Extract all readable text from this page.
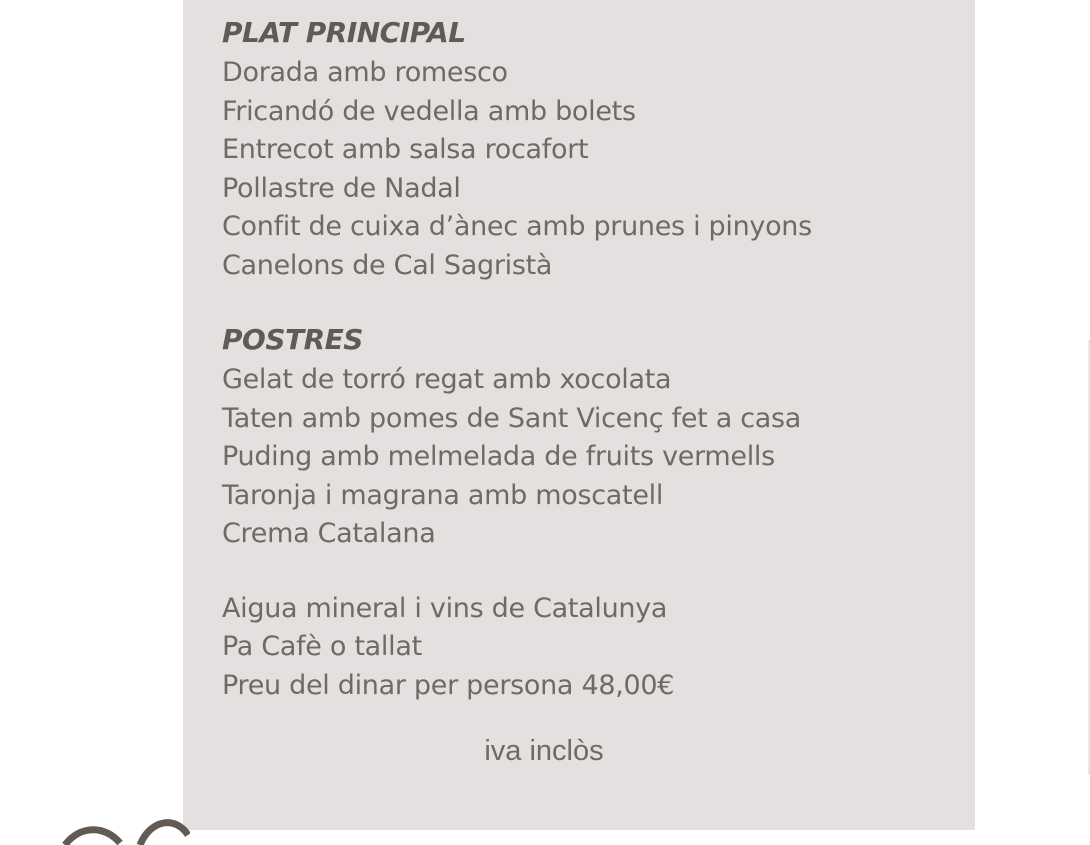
PLAT PRINCIPAL
Dorada amb romesco
Fricandó de vedella amb bolets
Entrecot amb salsa rocafort
Pollastre de Nadal
Confit de cuixa d’ànec amb prunes i pinyons
Canelons de Cal Sagristà
POSTRES
Gelat de torró regat amb xocolata
Taten amb pomes de Sant Vicenç fet a casa
Puding amb melmelada de fruits vermells
Taronja i magrana amb moscatell
Crema Catalana
Aigua mineral i vins de Catalunya
Pa Cafè o tallat
Preu del dinar per persona 48,00€
iva inclòs
